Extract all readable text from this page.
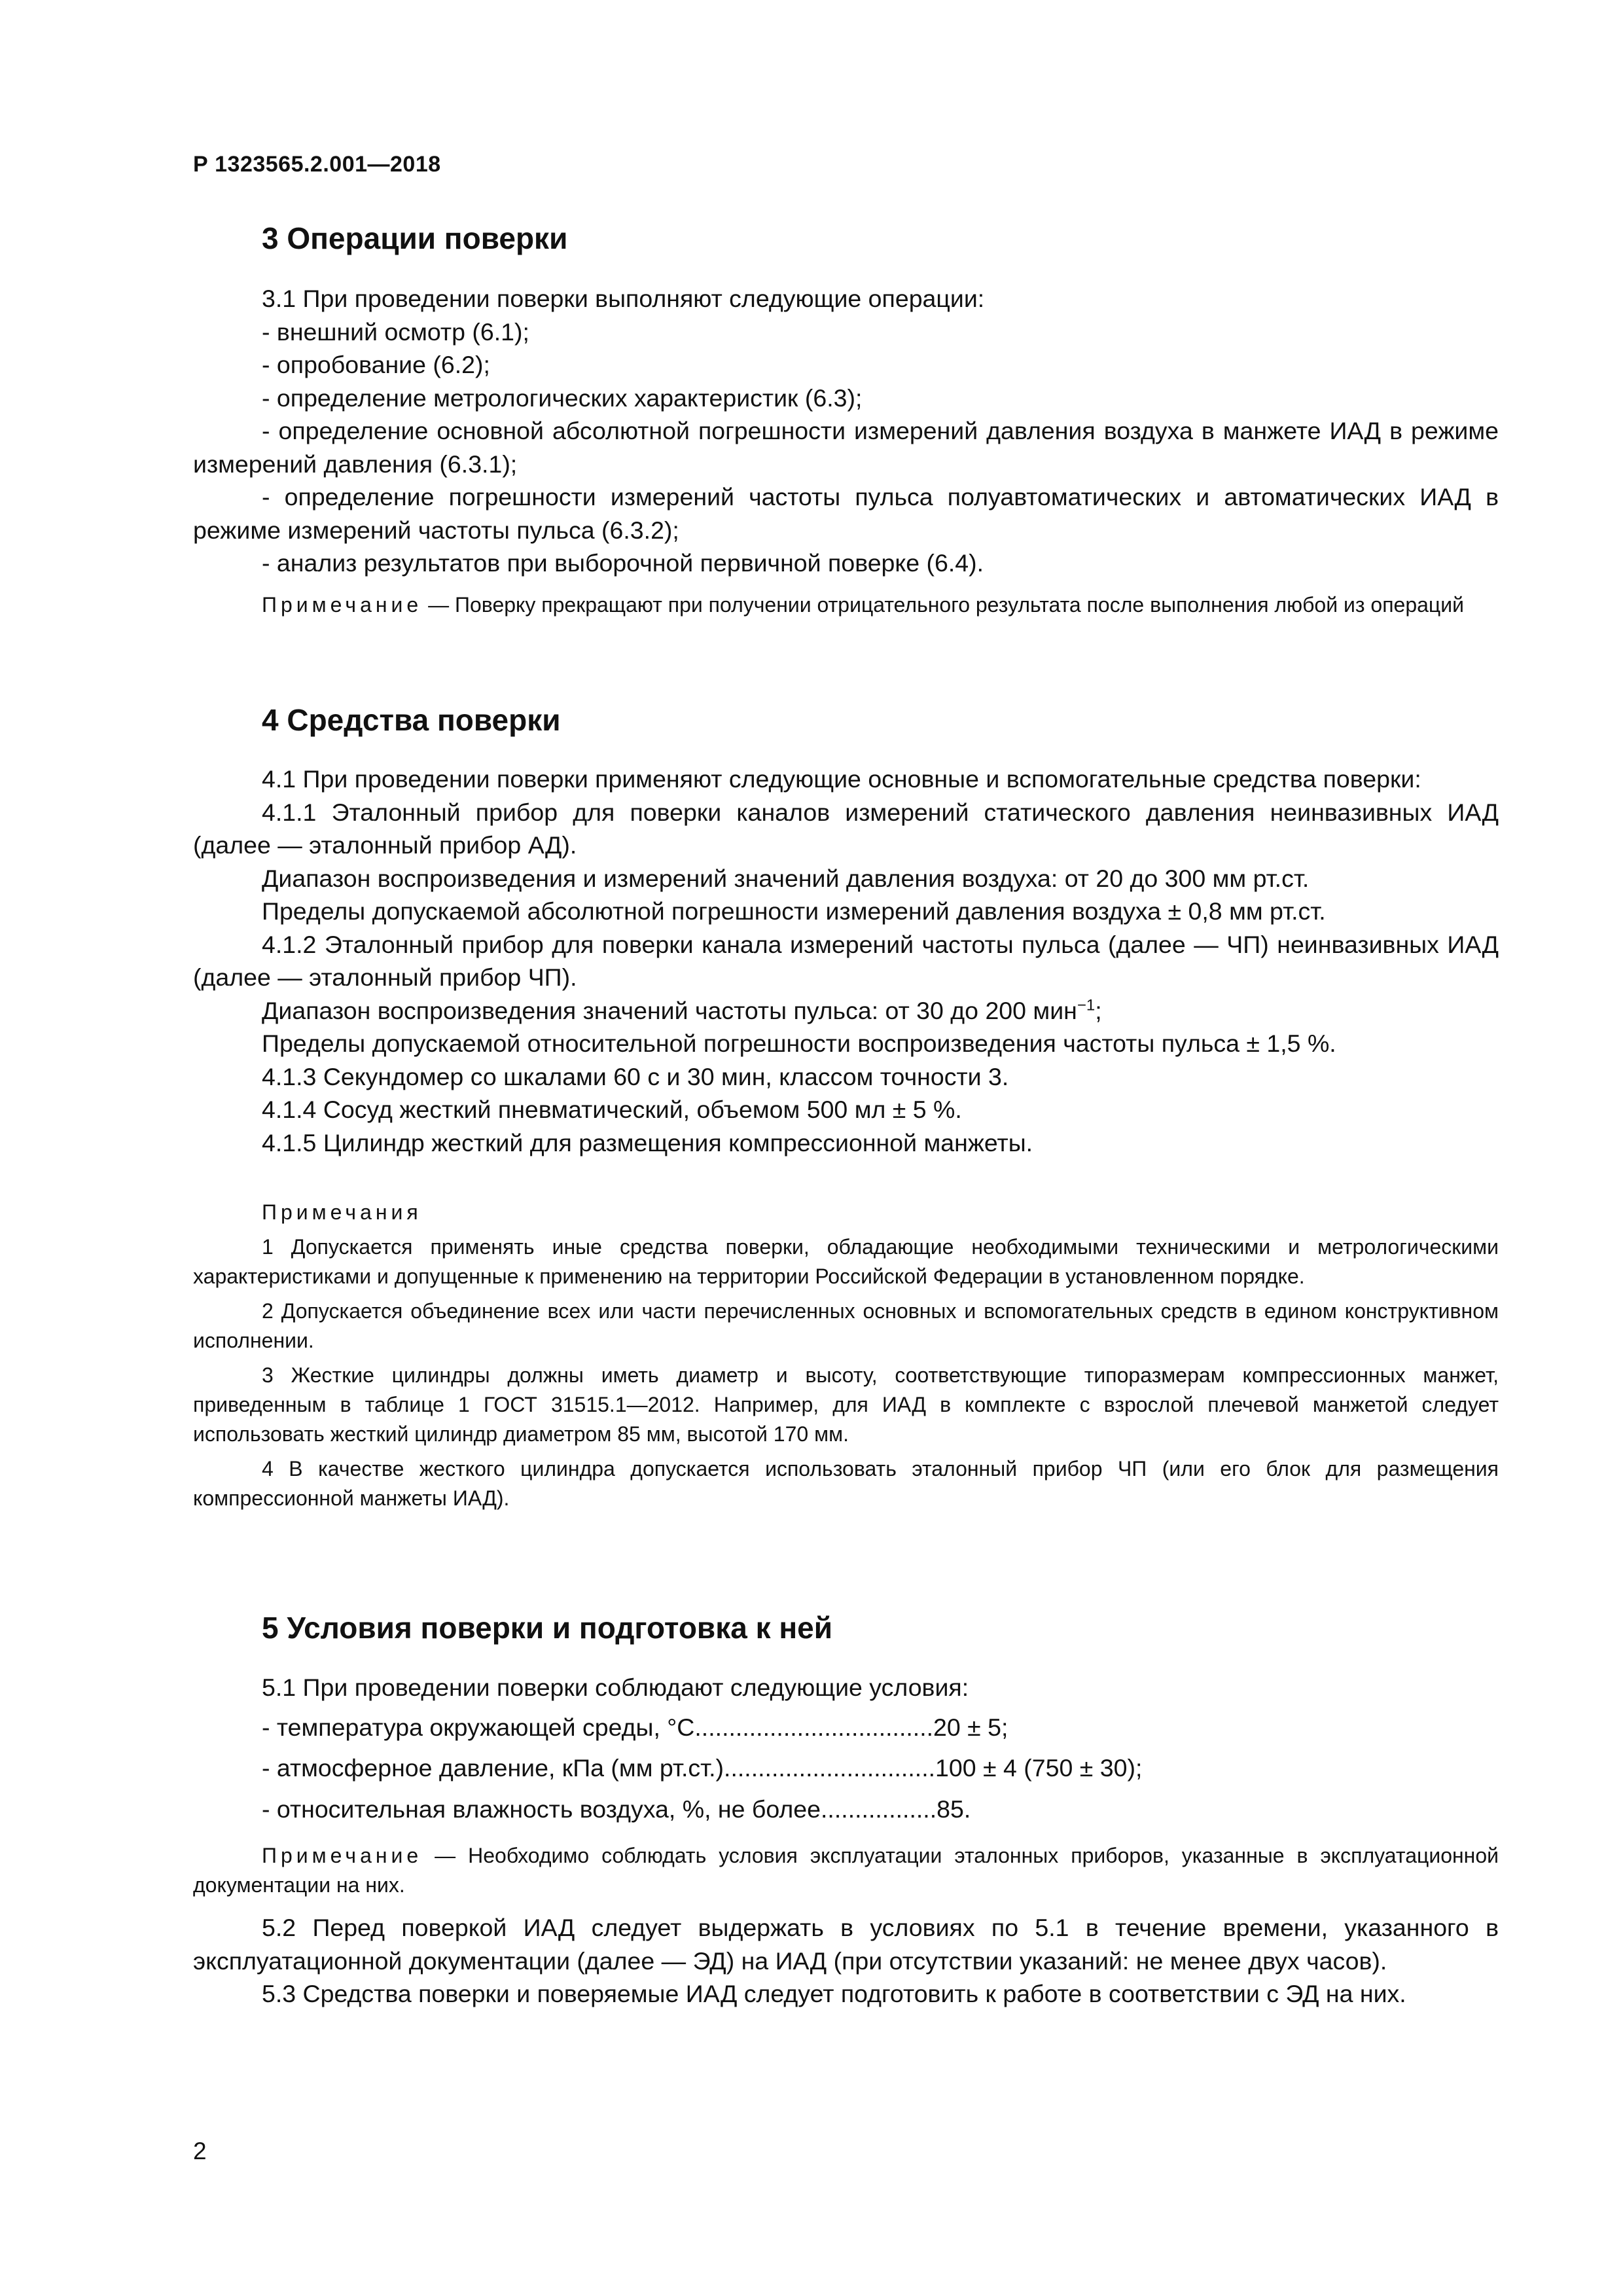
Р 1323565.2.001—2018
3 Операции поверки

3.1 При проведении поверки выполняют следующие операции:

- внешний осмотр (6.1);

- опробование (6.2);

- определение метрологических характеристик (6.3);

- определение основной абсолютной погрешности измерений давления воздуха в манжете ИАД в режиме измерений давления (6.3.1);

- определение погрешности измерений частоты пульса полуавтоматических и автоматических ИАД в режиме измерений частоты пульса (6.3.2);

- анализ результатов при выборочной первичной поверке (6.4).

Примечание — Поверку прекращают при получении отрицательного результата после выполнения любой из операций

4 Средства поверки

4.1 При проведении поверки применяют следующие основные и вспомогательные средства поверки:

4.1.1 Эталонный прибор для поверки каналов измерений статического давления неинвазивных ИАД (далее — эталонный прибор АД).

Диапазон воспроизведения и измерений значений давления воздуха: от 20 до 300 мм рт.ст.

Пределы допускаемой абсолютной погрешности измерений давления воздуха ± 0,8 мм рт.ст.

4.1.2 Эталонный прибор для поверки канала измерений частоты пульса (далее — ЧП) неинвазивных ИАД (далее — эталонный прибор ЧП).

Диапазон воспроизведения значений частоты пульса: от 30 до 200 мин$^{-1}$;

Пределы допускаемой относительной погрешности воспроизведения частоты пульса ± 1,5 %.

4.1.3 Секундомер со шкалами 60 с и 30 мин, классом точности 3.

4.1.4 Сосуд жесткий пневматический, объемом 500 мл ± 5 %.

4.1.5 Цилиндр жесткий для размещения компрессионной манжеты.

Примечания

1 Допускается применять иные средства поверки, обладающие необходимыми техническими и метрологическими характеристиками и допущенные к применению на территории Российской Федерации в установленном порядке.

2 Допускается объединение всех или части перечисленных основных и вспомогательных средств в едином конструктивном исполнении.

3 Жесткие цилиндры должны иметь диаметр и высоту, соответствующие типоразмерам компрессионных манжет, приведенным в таблице 1 ГОСТ 31515.1—2012. Например, для ИАД в комплекте с взрослой плечевой манжетой следует использовать жесткий цилиндр диаметром 85 мм, высотой 170 мм.

4 В качестве жесткого цилиндра допускается использовать эталонный прибор ЧП (или его блок для размещения компрессионной манжеты ИАД).

5 Условия поверки и подготовка к ней

5.1 При проведении поверки соблюдают следующие условия:

- температура окружающей среды, °C...................................20 ± 5;

- атмосферное давление, кПа (мм рт.ст.)...............................100 ± 4 (750 ± 30);

- относительная влажность воздуха, %, не более.................85.

Примечание — Необходимо соблюдать условия эксплуатации эталонных приборов, указанные в эксплуатационной документации на них.

5.2 Перед поверкой ИАД следует выдержать в условиях по 5.1 в течение времени, указанного в эксплуатационной документации (далее — ЭД) на ИАД (при отсутствии указаний: не менее двух часов).

5.3 Средства поверки и поверяемые ИАД следует подготовить к работе в соответствии с ЭД на них.

2
